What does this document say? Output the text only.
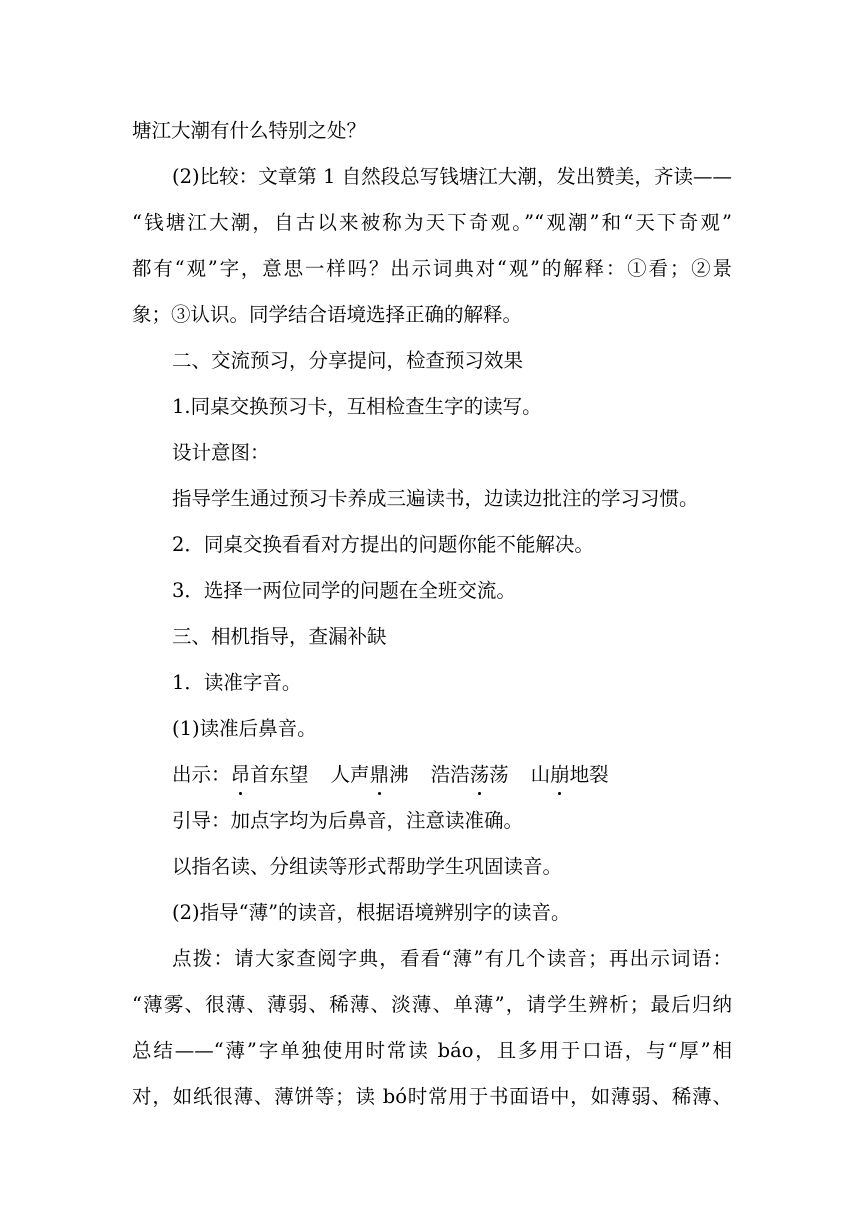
塘江大潮有什么特别之处？

(2)比较：文章第 1 自然段总写钱塘江大潮，发出赞美，齐读——

“钱塘江大潮，自古以来被称为天下奇观。”“观潮”和“天下奇观”

都有“观”字，意思一样吗？出示词典对“观”的解释：①看；②景

象；③认识。同学结合语境选择正确的解释。

二、交流预习，分享提问，检查预习效果

1.同桌交换预习卡，互相检查生字的读写。

设计意图：

指导学生通过预习卡养成三遍读书，边读边批注的学习习惯。

2．同桌交换看看对方提出的问题你能不能解决。

3．选择一两位同学的问题在全班交流。

三、相机指导，查漏补缺

1．读准字音。

(1)读准后鼻音。

出示：昂首东望 人声鼎沸 浩浩荡荡 山崩地裂

引导：加点字均为后鼻音，注意读准确。

以指名读、分组读等形式帮助学生巩固读音。

(2)指导“薄”的读音，根据语境辨别字的读音。

点拨：请大家查阅字典，看看“薄”有几个读音；再出示词语：

“薄雾、很薄、薄弱、稀薄、淡薄、单薄”，请学生辨析；最后归纳

总结——“薄”字单独使用时常读 báo，且多用于口语，与“厚”相

对，如纸很薄、薄饼等；读 bó时常用于书面语中，如薄弱、稀薄、
